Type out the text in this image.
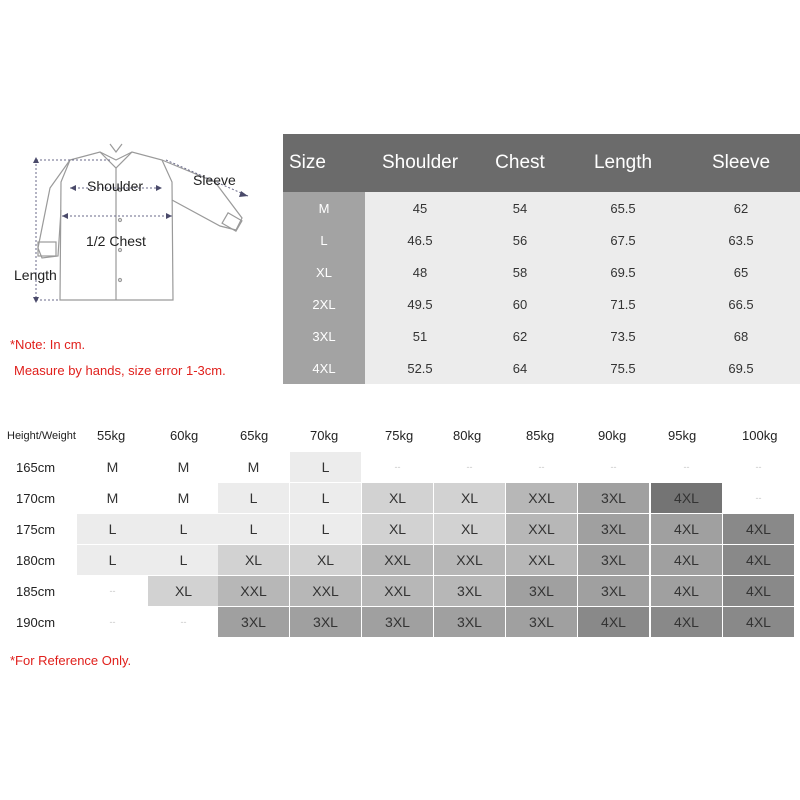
Shoulder	Sleeve
1/2 Chest
Length
*Note: In cm.
Measure by hands, size error 1-3cm.
Size	Shoulder	Chest	Length	Sleeve
M	45	54	65.5	62
L	46.5	56	67.5	63.5
XL	48	58	69.5	65
2XL	49.5	60	71.5	66.5
3XL	51	62	73.5	68
4XL	52.5	64	75.5	69.5
Height/Weight 55kg	60kg	65kg	70kg	75kg	80kg	85kg	90kg	95kg	100kg
165cm	M	M	M	L	--	--	--	--	--	--
170cm	M	M	L	L	XL	XL	XXL	3XL	4XL	--
175cm	L	L	L	L	XL	XL	XXL	3XL	4XL	4XL
180cm	L	L	XL	XL	XXL	XXL	XXL	3XL	4XL	4XL
185cm	--	XL	XXL	XXL	XXL	3XL	3XL	3XL	4XL	4XL
190cm	--	--	3XL	3XL	3XL	3XL	3XL	4XL	4XL	4XL
*For Reference Only.
